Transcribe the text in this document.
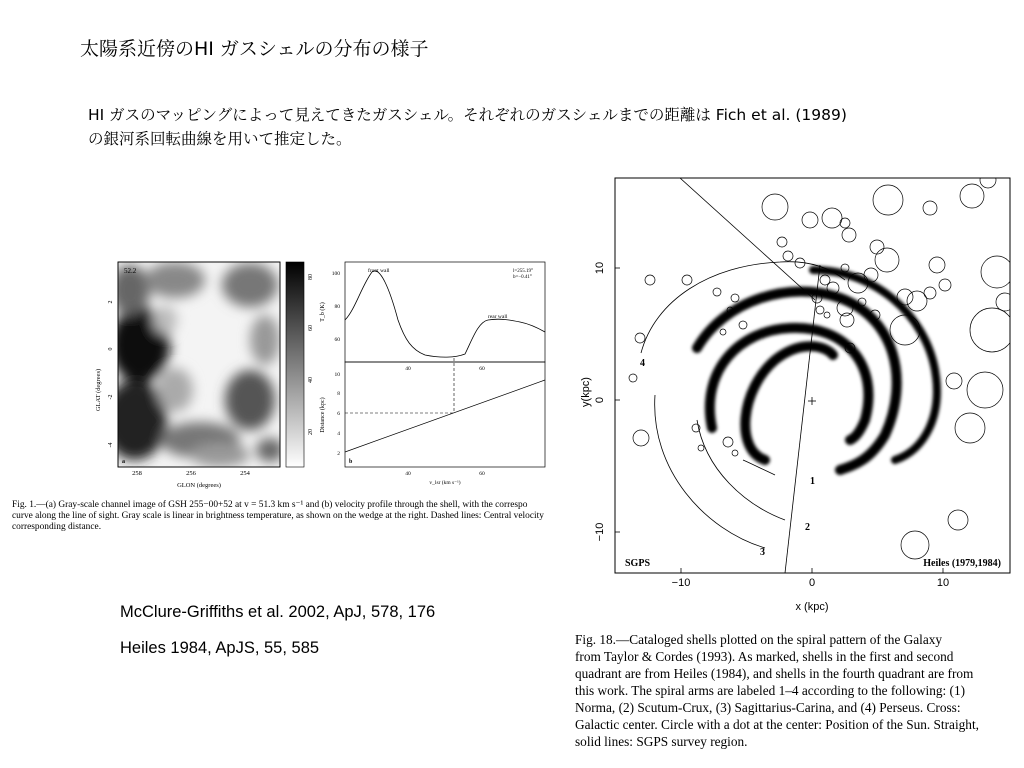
太陽系近傍のHI ガスシェルの分布の様子
HI ガスのマッピングによって見えてきたガスシェル。それぞれのガスシェルまでの距離は Fich et al. (1989)
の銀河系回転曲線を用いて推定した。
52.2
a
GLAT (degrees)
GLON (degrees)
2
0
-2
-4
258	256	254
80
60
40
20
front wall
rear wall
l=255.19°
b=−0.41°
T_b (K)
100
80
60
40	60
Distance (kpc)
10
8
6
4
2
b
40	60
v_lsr (km s⁻¹)
Fig. 1.—(a) Gray-scale channel image of GSH 255−00+52 at v = 51.3 km s⁻¹ and (b) velocity profile through the shell, with the correspo
curve along the line of sight. Gray scale is linear in brightness temperature, as shown on the wedge at the right. Dashed lines: Central velocity
corresponding distance.
McClure-Griffiths et al. 2002, ApJ, 578, 176
Heiles 1984, ApJS, 55, 585
1
2
3
4
SGPS	Heiles (1979,1984)
−10	0	10
10
0
−10
x (kpc)
y(kpc)
Fig. 18.—Cataloged shells plotted on the spiral pattern of the Galaxy
from Taylor & Cordes (1993). As marked, shells in the first and second
quadrant are from Heiles (1984), and shells in the fourth quadrant are from
this work. The spiral arms are labeled 1–4 according to the following: (1)
Norma, (2) Scutum-Crux, (3) Sagittarius-Carina, and (4) Perseus. Cross:
Galactic center. Circle with a dot at the center: Position of the Sun. Straight,
solid lines: SGPS survey region.
